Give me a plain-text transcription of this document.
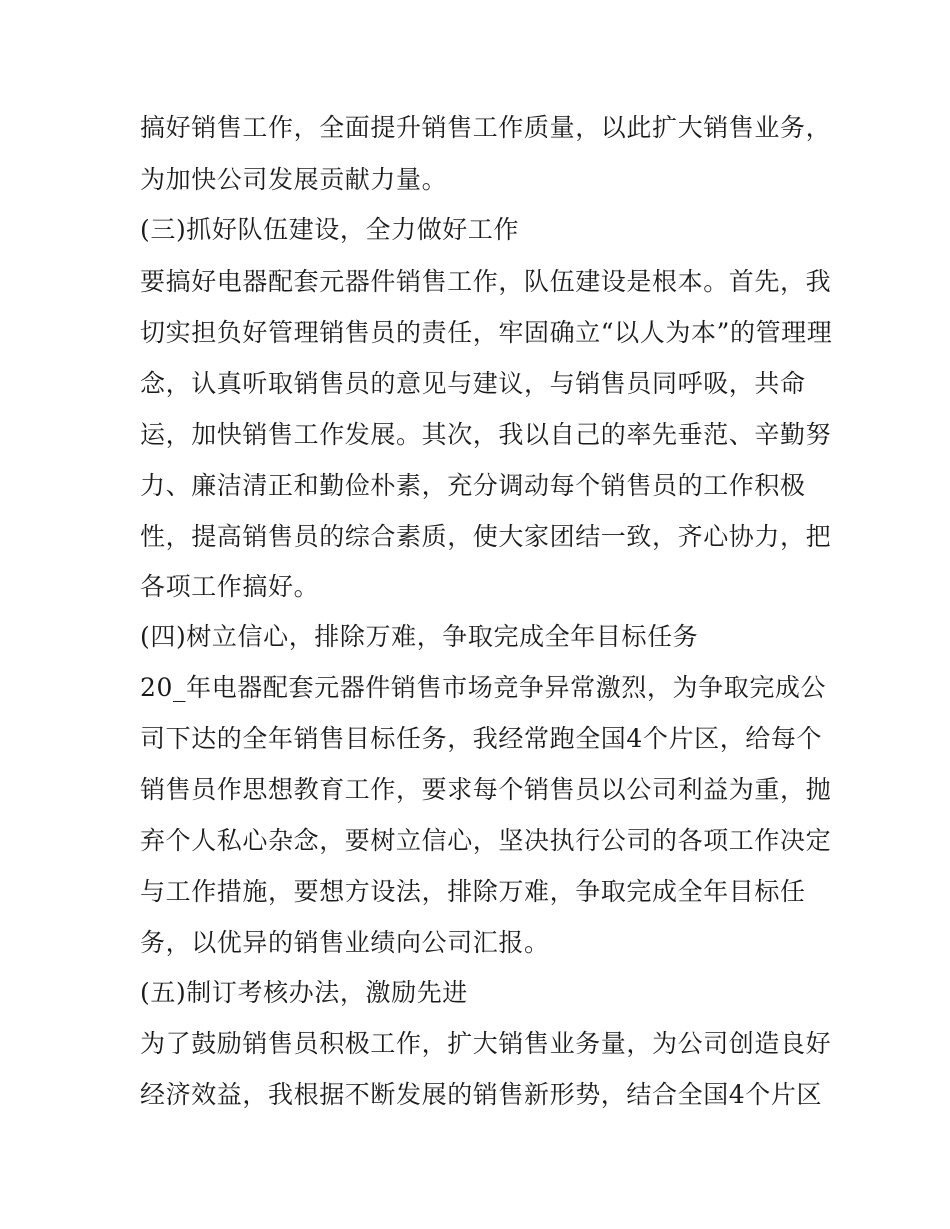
搞好销售工作，全面提升销售工作质量，以此扩大销售业务，
为加快公司发展贡献力量。
(三)抓好队伍建设，全力做好工作
要搞好电器配套元器件销售工作，队伍建设是根本。首先，我
切实担负好管理销售员的责任，牢固确立“以人为本”的管理理
念，认真听取销售员的意见与建议，与销售员同呼吸，共命
运，加快销售工作发展。其次，我以自己的率先垂范、辛勤努
力、廉洁清正和勤俭朴素，充分调动每个销售员的工作积极
性，提高销售员的综合素质，使大家团结一致，齐心协力，把
各项工作搞好。
(四)树立信心，排除万难，争取完成全年目标任务
20_年电器配套元器件销售市场竞争异常激烈，为争取完成公
司下达的全年销售目标任务，我经常跑全国4个片区，给每个
销售员作思想教育工作，要求每个销售员以公司利益为重，抛
弃个人私心杂念，要树立信心，坚决执行公司的各项工作决定
与工作措施，要想方设法，排除万难，争取完成全年目标任
务，以优异的销售业绩向公司汇报。
(五)制订考核办法，激励先进
为了鼓励销售员积极工作，扩大销售业务量，为公司创造良好
经济效益，我根据不断发展的销售新形势，结合全国4个片区
